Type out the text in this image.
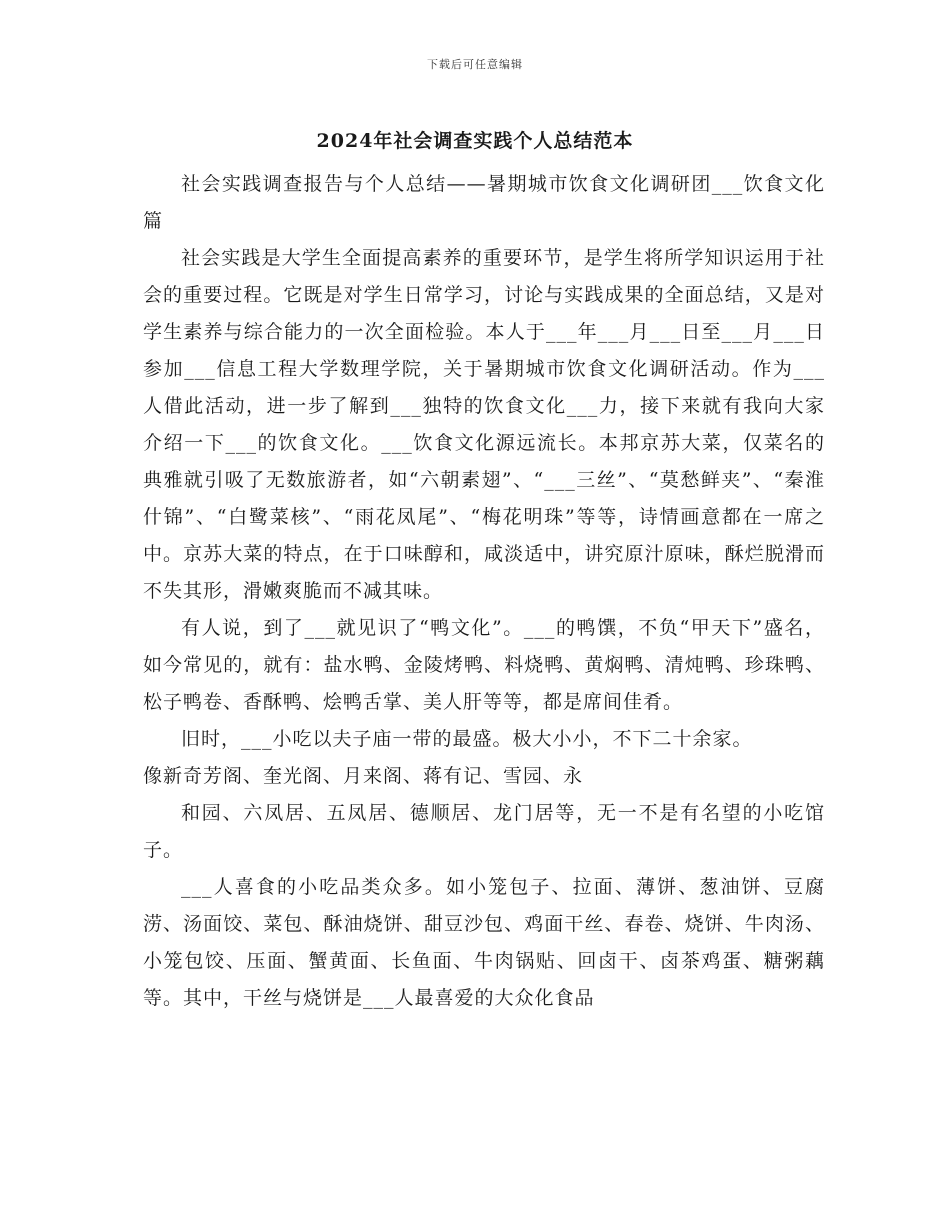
下载后可任意编辑
2024年社会调查实践个人总结范本

社会实践调查报告与个人总结——暑期城市饮食文化调研团___饮食文化篇

社会实践是大学生全面提高素养的重要环节，是学生将所学知识运用于社会的重要过程。它既是对学生日常学习，讨论与实践成果的全面总结，又是对学生素养与综合能力的一次全面检验。本人于___年___月___日至___月___日参加___信息工程大学数理学院，关于暑期城市饮食文化调研活动。作为___人借此活动，进一步了解到___独特的饮食文化___力，接下来就有我向大家介绍一下___的饮食文化。___饮食文化源远流长。本邦京苏大菜，仅菜名的典雅就引吸了无数旅游者，如“六朝素翅”、“___三丝”、“莫愁鲜夹”、“秦淮什锦”、“白鹭菜核”、“雨花凤尾”、“梅花明珠”等等，诗情画意都在一席之中。京苏大菜的特点，在于口味醇和，咸淡适中，讲究原汁原味，酥烂脱滑而不失其形，滑嫩爽脆而不减其味。

有人说，到了___就见识了“鸭文化”。___的鸭馔，不负“甲天下”盛名，如今常见的，就有：盐水鸭、金陵烤鸭、料烧鸭、黄焖鸭、清炖鸭、珍珠鸭、松子鸭卷、香酥鸭、烩鸭舌掌、美人肝等等，都是席间佳肴。

旧时，___小吃以夫子庙一带的最盛。极大小小，不下二十余家。

像新奇芳阁、奎光阁、月来阁、蒋有记、雪园、永

和园、六凤居、五凤居、德顺居、龙门居等，无一不是有名望的小吃馆子。

___人喜食的小吃品类众多。如小笼包子、拉面、薄饼、葱油饼、豆腐涝、汤面饺、菜包、酥油烧饼、甜豆沙包、鸡面干丝、春卷、烧饼、牛肉汤、小笼包饺、压面、蟹黄面、长鱼面、牛肉锅贴、回卤干、卤茶鸡蛋、糖粥藕等。其中，干丝与烧饼是___人最喜爱的大众化食品
